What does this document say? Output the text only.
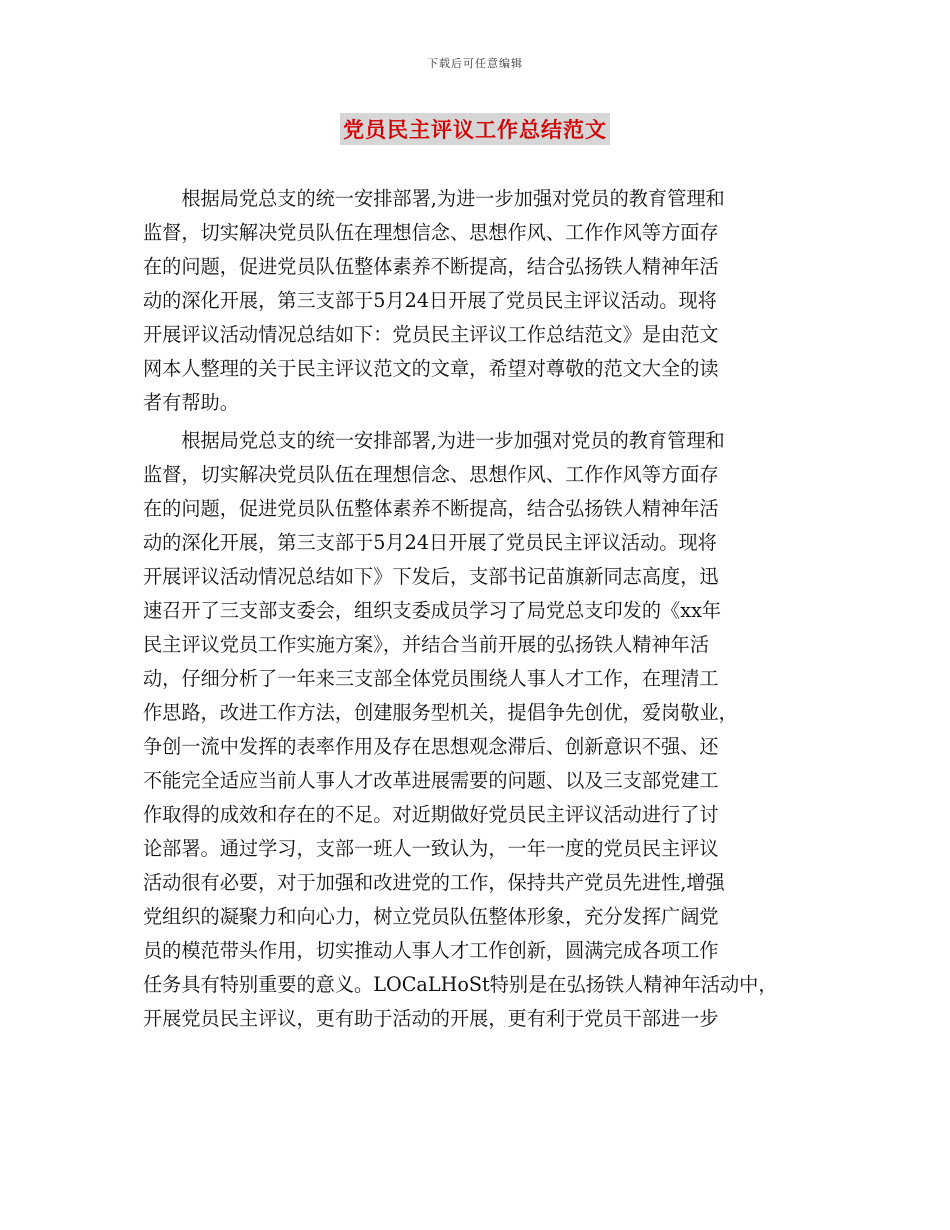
下载后可任意编辑
党员民主评议工作总结范文
　　根据局党总支的统一安排部署,为进一步加强对党员的教育管理和
监督，切实解决党员队伍在理想信念、思想作风、工作作风等方面存
在的问题，促进党员队伍整体素养不断提高，结合弘扬铁人精神年活
动的深化开展，第三支部于5月24日开展了党员民主评议活动。现将
开展评议活动情况总结如下：党员民主评议工作总结范文》是由范文
网本人整理的关于民主评议范文的文章，希望对尊敬的范文大全的读
者有帮助。
　　根据局党总支的统一安排部署,为进一步加强对党员的教育管理和
监督，切实解决党员队伍在理想信念、思想作风、工作作风等方面存
在的问题，促进党员队伍整体素养不断提高，结合弘扬铁人精神年活
动的深化开展，第三支部于5月24日开展了党员民主评议活动。现将
开展评议活动情况总结如下》下发后，支部书记苗旗新同志高度，迅
速召开了三支部支委会，组织支委成员学习了局党总支印发的《xx年
民主评议党员工作实施方案》，并结合当前开展的弘扬铁人精神年活
动，仔细分析了一年来三支部全体党员围绕人事人才工作，在理清工
作思路，改进工作方法，创建服务型机关，提倡争先创优，爱岗敬业，
争创一流中发挥的表率作用及存在思想观念滞后、创新意识不强、还
不能完全适应当前人事人才改革进展需要的问题、以及三支部党建工
作取得的成效和存在的不足。对近期做好党员民主评议活动进行了讨
论部署。通过学习，支部一班人一致认为，一年一度的党员民主评议
活动很有必要，对于加强和改进党的工作，保持共产党员先进性,增强
党组织的凝聚力和向心力，树立党员队伍整体形象，充分发挥广阔党
员的模范带头作用，切实推动人事人才工作创新，圆满完成各项工作
任务具有特别重要的意义。LOCaLHoSt特别是在弘扬铁人精神年活动中，
开展党员民主评议，更有助于活动的开展，更有利于党员干部进一步
